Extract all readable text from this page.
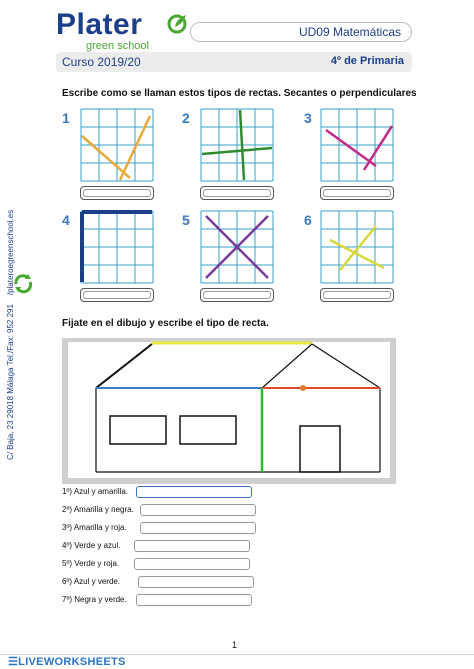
Plater
green school
UD09 Matemáticas
Curso 2019/20	4º de Primaria
C/ Baja, 23 29018 Málaga Tel./Fax: 952 291    /plateroegreenschool.es
Escribe como se llaman estos tipos de rectas. Secantes o perpendiculares
1	2	3
4	5	6
Fijate en el dibujo y escribe el tipo de recta.
1º) Azul y amarilla.
2º) Amarilla y negra.
3º) Amarilla y roja.
4º) Verde y azul.
5º) Verde y roja.
6º) Azul y verde.
7º) Negra y verde.
1
☰LIVEWORKSHEETS
